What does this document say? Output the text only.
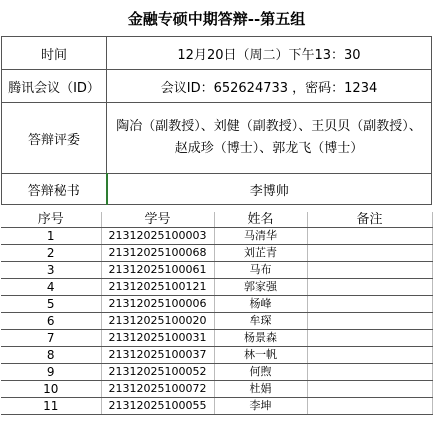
金融专硕中期答辩--第五组
时间	12月20日（周二）下午13：30
腾讯会议（ID）	会议ID：652624733 ，密码：1234
答辩评委	陶冶（副教授）、刘健（副教授）、王贝贝（副教授）、赵成珍（博士）、郭龙飞（博士）
答辩秘书	李博帅
序号	学号	姓名	备注
1	21312025100003	马清华	
2	21312025100068	刘芷青	
3	21312025100061	马布	
4	21312025100121	郭家强	
5	21312025100006	杨峰	
6	21312025100020	牟琛	
7	21312025100031	杨景森	
8	21312025100037	林一帆	
9	21312025100052	何煦	
10	21312025100072	杜娟	
11	21312025100055	李坤	
